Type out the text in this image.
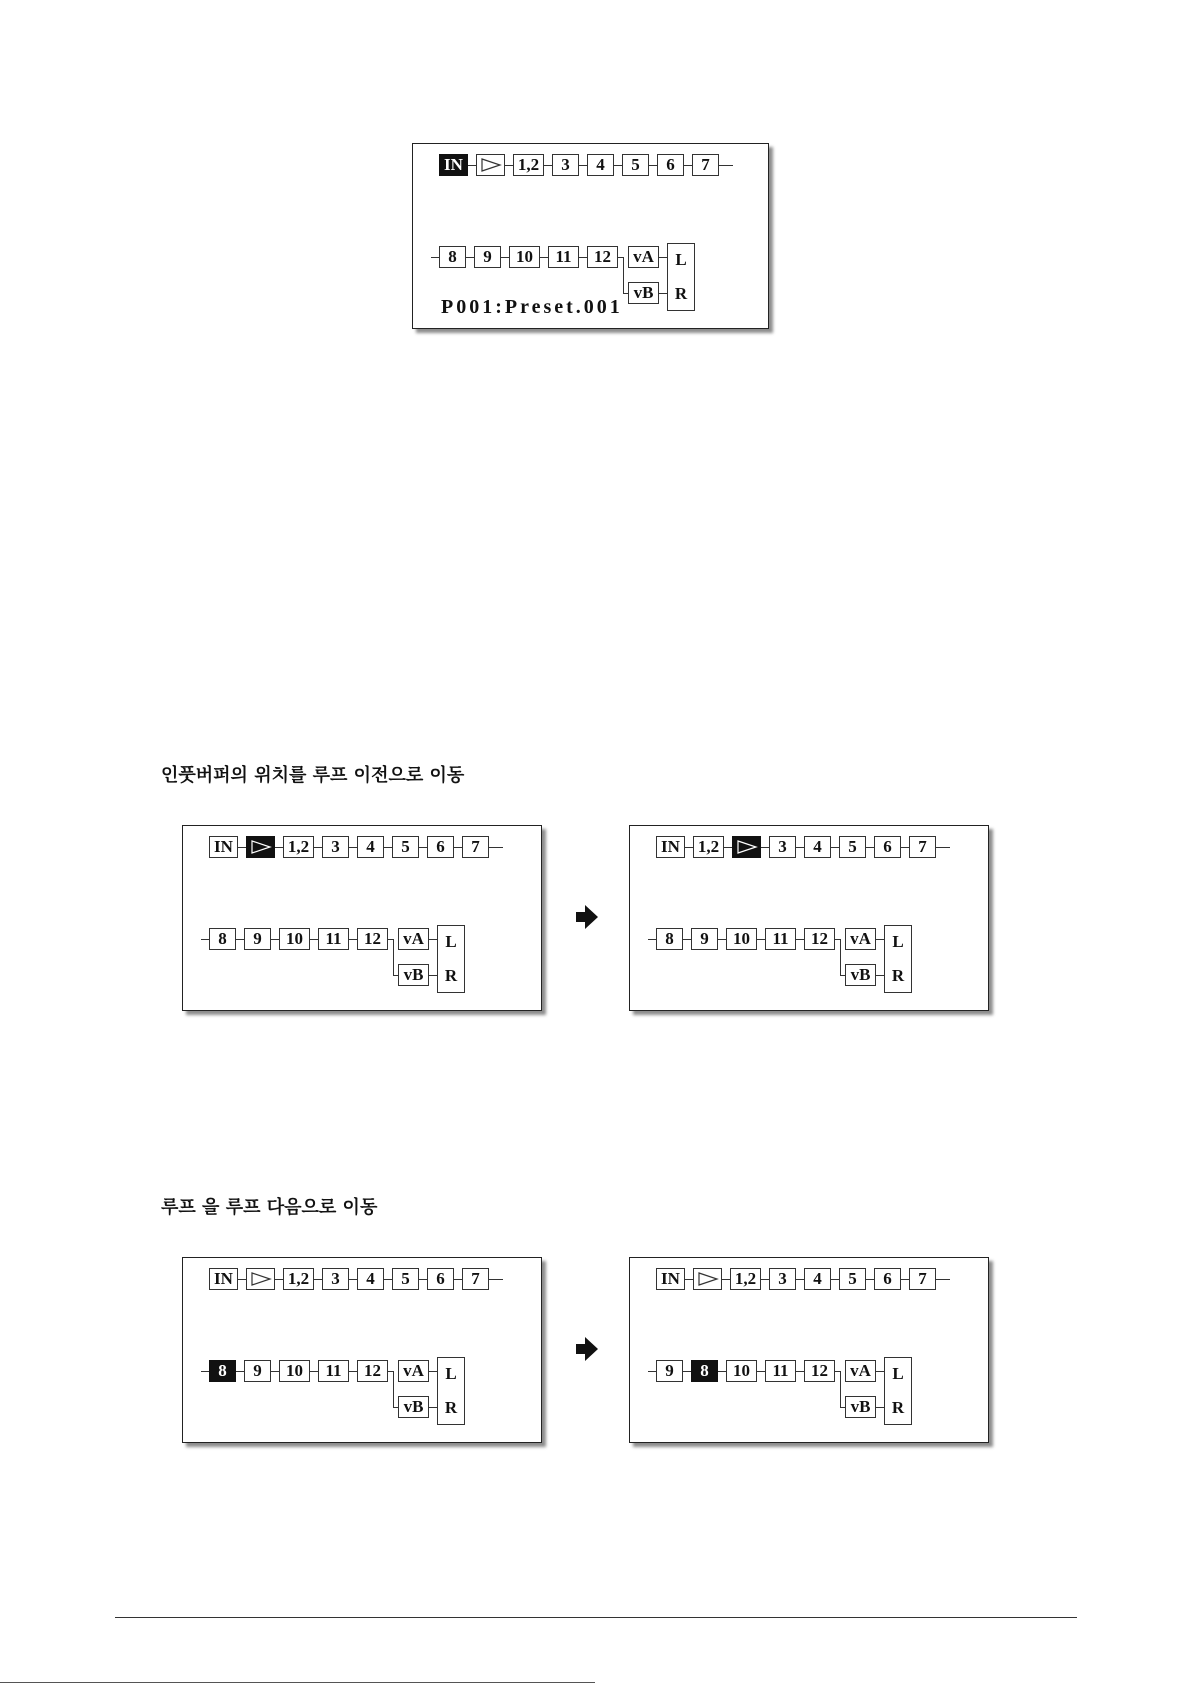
IN	1,2	3	4	5	6	7
8	9	10	11	12	vA
vB
L
R
P001:Preset.001
인풋버퍼의 위치를 루프 이전으로 이동
IN	1,2	3	4	5	6	7
8	9	10	11	12	vA
vB
L
R
IN 1,2	3	4	5	6	7
8	9	10	11	12	vA
vB
L
R
루프 을 루프 다음으로 이동
IN	1,2	3	4	5	6	7
8	9	10	11	12	vA
vB
L
R
IN	1,2	3	4	5	6	7
9	8	10	11	12	vA
vB
L
R
